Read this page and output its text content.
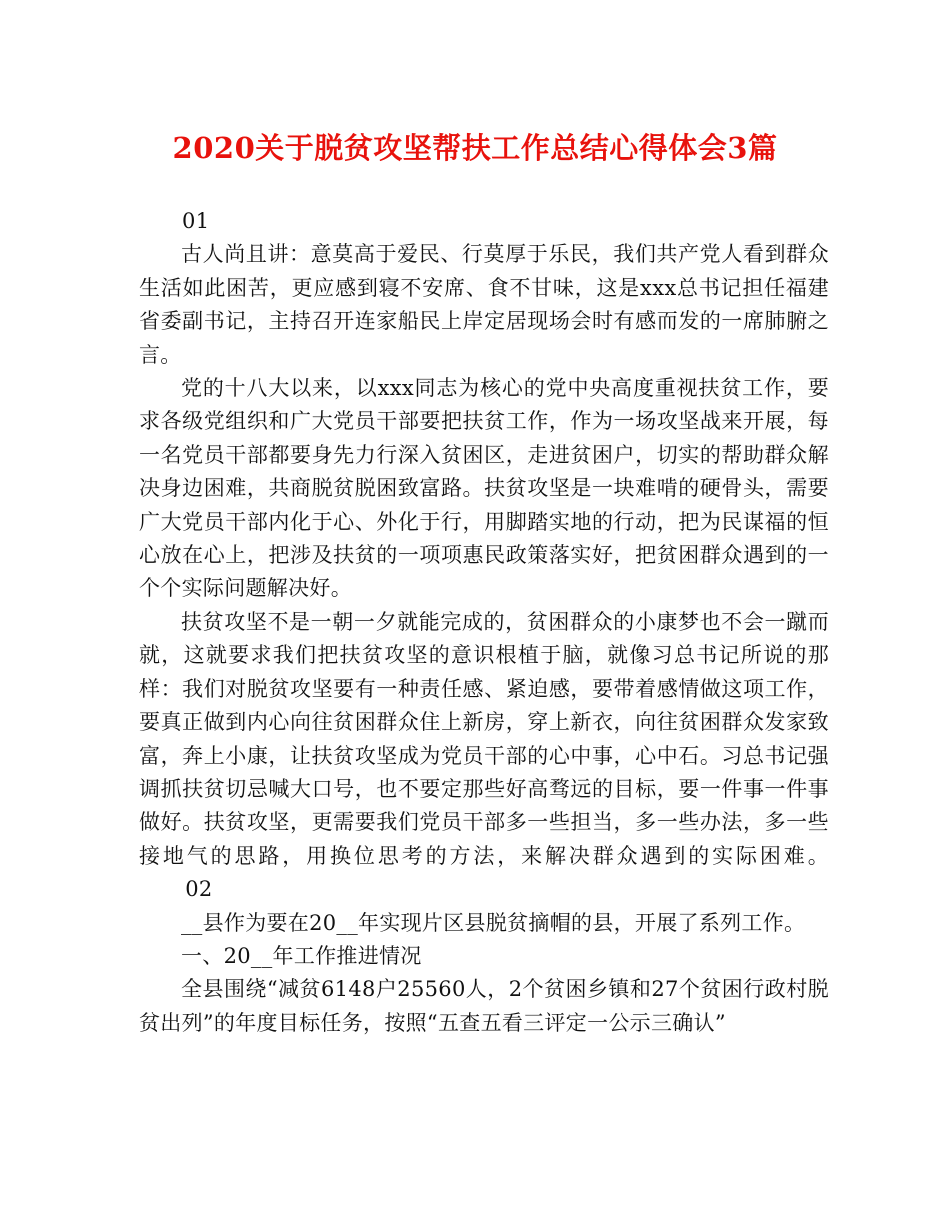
2020关于脱贫攻坚帮扶工作总结心得体会3篇

01

古人尚且讲：意莫高于爱民、行莫厚于乐民，我们共产党人看到群众生活如此困苦，更应感到寝不安席、食不甘味，这是xxx总书记担任福建省委副书记，主持召开连家船民上岸定居现场会时有感而发的一席肺腑之言。

党的十八大以来，以xxx同志为核心的党中央高度重视扶贫工作，要求各级党组织和广大党员干部要把扶贫工作，作为一场攻坚战来开展，每一名党员干部都要身先力行深入贫困区，走进贫困户，切实的帮助群众解决身边困难，共商脱贫脱困致富路。扶贫攻坚是一块难啃的硬骨头，需要广大党员干部内化于心、外化于行，用脚踏实地的行动，把为民谋福的恒心放在心上，把涉及扶贫的一项项惠民政策落实好，把贫困群众遇到的一个个实际问题解决好。

扶贫攻坚不是一朝一夕就能完成的，贫困群众的小康梦也不会一蹴而就，这就要求我们把扶贫攻坚的意识根植于脑，就像习总书记所说的那样：我们对脱贫攻坚要有一种责任感、紧迫感，要带着感情做这项工作，要真正做到内心向往贫困群众住上新房，穿上新衣，向往贫困群众发家致富，奔上小康，让扶贫攻坚成为党员干部的心中事，心中石。习总书记强调抓扶贫切忌喊大口号，也不要定那些好高骛远的目标，要一件事一件事做好。扶贫攻坚，更需要我们党员干部多一些担当，多一些办法，多一些接地气的思路，用换位思考的方法，来解决群众遇到的实际困难。02

__县作为要在20__年实现片区县脱贫摘帽的县，开展了系列工作。

一、20__年工作推进情况

全县围绕“减贫6148户25560人，2个贫困乡镇和27个贫困行政村脱贫出列”的年度目标任务，按照“五查五看三评定一公示三确认”
